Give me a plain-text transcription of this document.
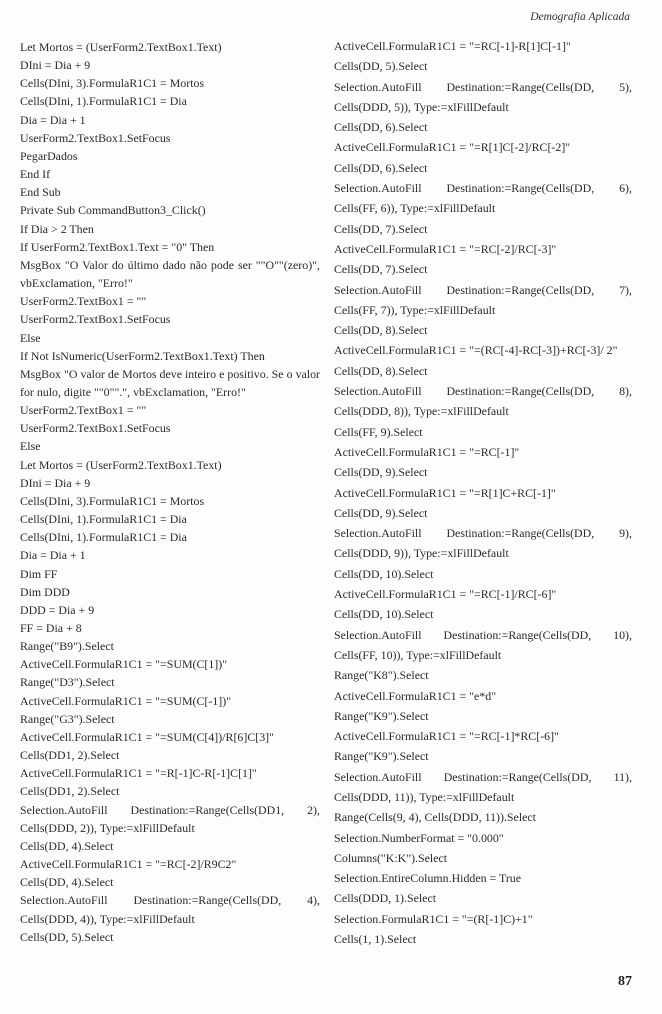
Demografia Aplicada
Let Mortos = (UserForm2.TextBox1.Text)
DIni = Dia + 9
Cells(DIni, 3).FormulaR1C1 = Mortos
Cells(DIni, 1).FormulaR1C1 = Dia
Dia = Dia + 1
UserForm2.TextBox1.SetFocus
PegarDados
End If
End Sub
Private Sub CommandButton3_Click()
If Dia > 2 Then
If UserForm2.TextBox1.Text = "0" Then
MsgBox "O Valor do último dado não pode ser ""O""(zero)", vbExclamation, "Erro!"
UserForm2.TextBox1 = ""
UserForm2.TextBox1.SetFocus
Else
If Not IsNumeric(UserForm2.TextBox1.Text) Then
MsgBox "O valor de Mortos deve inteiro e positivo. Se o valor for nulo, digite ""0"".", vbExclamation, "Erro!"
UserForm2.TextBox1 = ""
UserForm2.TextBox1.SetFocus
Else
Let Mortos = (UserForm2.TextBox1.Text)
DIni = Dia + 9
Cells(DIni, 3).FormulaR1C1 = Mortos
Cells(DIni, 1).FormulaR1C1 = Dia
Cells(DIni, 1).FormulaR1C1 = Dia
Dia = Dia + 1
Dim FF
Dim DDD
DDD = Dia + 9
FF = Dia + 8
Range("B9").Select
ActiveCell.FormulaR1C1 = "=SUM(C[1])"
Range("D3").Select
ActiveCell.FormulaR1C1 = "=SUM(C[-1])"
Range("G3").Select
ActiveCell.FormulaR1C1 = "=SUM(C[4])/R[6]C[3]"
Cells(DD1, 2).Select
ActiveCell.FormulaR1C1 = "=R[-1]C-R[-1]C[1]"
Cells(DD1, 2).Select
Selection.AutoFill Destination:=Range(Cells(DD1, 2), Cells(DDD, 2)), Type:=xlFillDefault
Cells(DD, 4).Select
ActiveCell.FormulaR1C1 = "=RC[-2]/R9C2"
Cells(DD, 4).Select
Selection.AutoFill Destination:=Range(Cells(DD, 4), Cells(DDD, 4)), Type:=xlFillDefault
Cells(DD, 5).Select
ActiveCell.FormulaR1C1 = "=RC[-1]-R[1]C[-1]"
Cells(DD, 5).Select
Selection.AutoFill Destination:=Range(Cells(DD, 5), Cells(DDD, 5)), Type:=xlFillDefault
Cells(DD, 6).Select
ActiveCell.FormulaR1C1 = "=R[1]C[-2]/RC[-2]"
Cells(DD, 6).Select
Selection.AutoFill Destination:=Range(Cells(DD, 6), Cells(FF, 6)), Type:=xlFillDefault
Cells(DD, 7).Select
ActiveCell.FormulaR1C1 = "=RC[-2]/RC[-3]"
Cells(DD, 7).Select
Selection.AutoFill Destination:=Range(Cells(DD, 7), Cells(FF, 7)), Type:=xlFillDefault
Cells(DD, 8).Select
ActiveCell.FormulaR1C1 = "=(RC[-4]-RC[-3])+RC[-3]/ 2"
Cells(DD, 8).Select
Selection.AutoFill Destination:=Range(Cells(DD, 8), Cells(DDD, 8)), Type:=xlFillDefault
Cells(FF, 9).Select
ActiveCell.FormulaR1C1 = "=RC[-1]"
Cells(DD, 9).Select
ActiveCell.FormulaR1C1 = "=R[1]C+RC[-1]"
Cells(DD, 9).Select
Selection.AutoFill Destination:=Range(Cells(DD, 9), Cells(DDD, 9)), Type:=xlFillDefault
Cells(DD, 10).Select
ActiveCell.FormulaR1C1 = "=RC[-1]/RC[-6]"
Cells(DD, 10).Select
Selection.AutoFill Destination:=Range(Cells(DD, 10), Cells(FF, 10)), Type:=xlFillDefault
Range("K8").Select
ActiveCell.FormulaR1C1 = "e*d"
Range("K9").Select
ActiveCell.FormulaR1C1 = "=RC[-1]*RC[-6]"
Range("K9").Select
Selection.AutoFill Destination:=Range(Cells(DD, 11), Cells(DDD, 11)), Type:=xlFillDefault
Range(Cells(9, 4), Cells(DDD, 11)).Select
Selection.NumberFormat = "0.000"
Columns("K:K").Select
Selection.EntireColumn.Hidden = True
Cells(DDD, 1).Select
Selection.FormulaR1C1 = "=(R[-1]C)+1"
Cells(1, 1).Select
87
